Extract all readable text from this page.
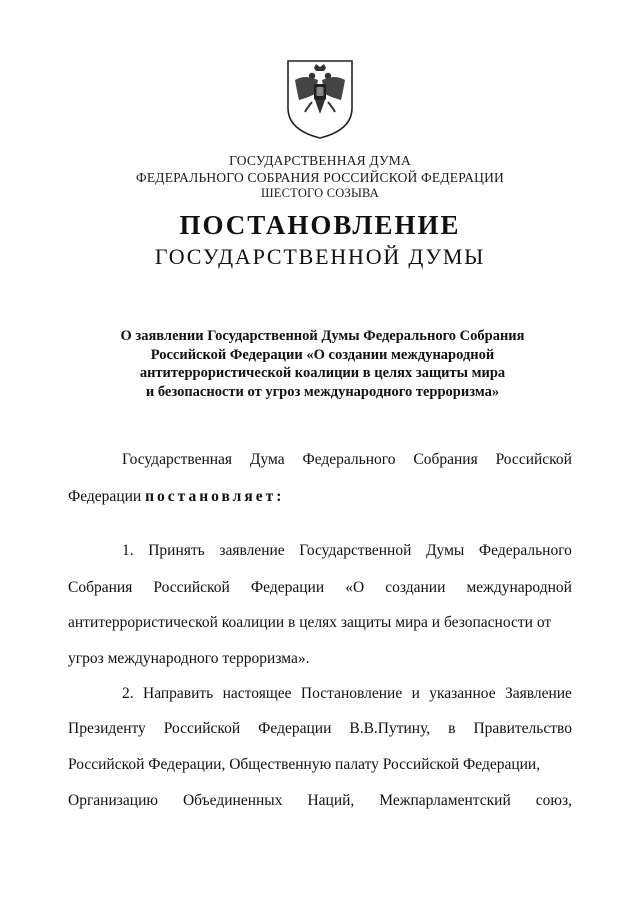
ГОСУДАРСТВЕННАЯ ДУМА
ФЕДЕРАЛЬНОГО СОБРАНИЯ РОССИЙСКОЙ ФЕДЕРАЦИИ
ШЕСТОГО СОЗЫВА
ПОСТАНОВЛЕНИЕ
ГОСУДАРСТВЕННОЙ ДУМЫ
О заявлении Государственной Думы Федерального Собрания
Российской Федерации «О создании международной
антитеррористической коалиции в целях защиты мира
и безопасности от угроз международного терроризма»
Государственная Дума Федерального Собрания Российской
Федерации постановляет:
1. Принять заявление Государственной Думы Федерального
Собрания Российской Федерации «О создании международной
антитеррористической коалиции в целях защиты мира и безопасности от
угроз международного терроризма».
2. Направить настоящее Постановление и указанное Заявление
Президенту Российской Федерации В.В.Путину, в Правительство
Российской Федерации, Общественную палату Российской Федерации,
Организацию Объединенных Наций, Межпарламентский союз,
